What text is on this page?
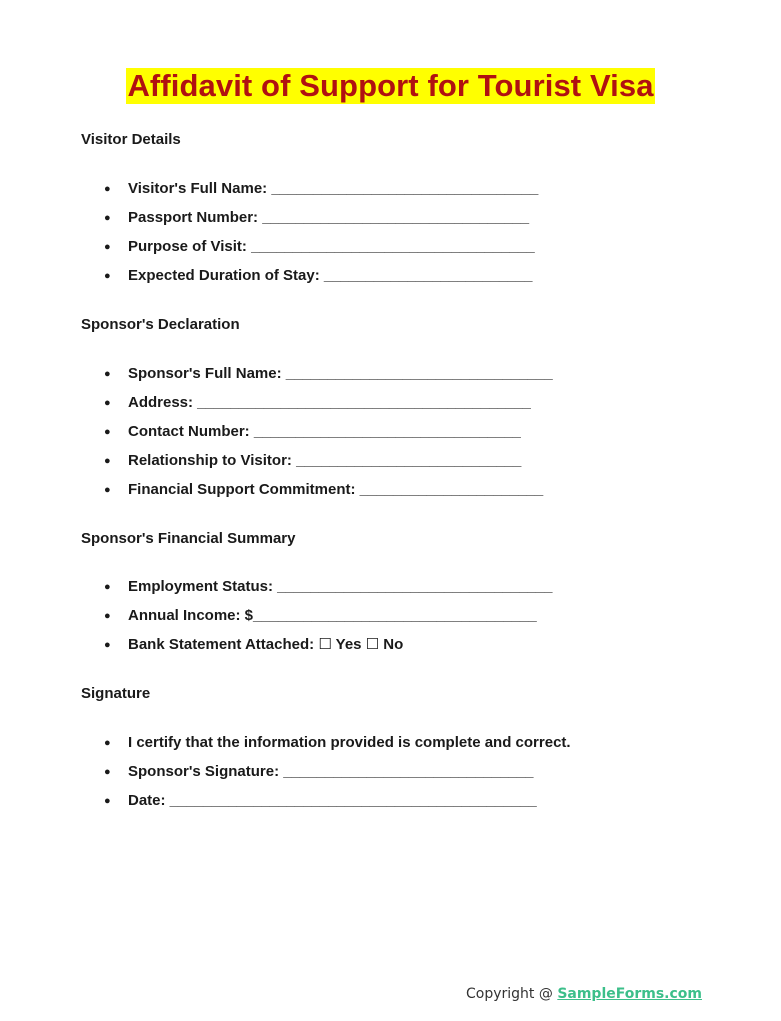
Affidavit of Support for Tourist Visa
Visitor Details
● Visitor's Full Name: ________________________________
● Passport Number: ________________________________
● Purpose of Visit: __________________________________
● Expected Duration of Stay: _________________________
Sponsor's Declaration
● Sponsor's Full Name: ________________________________
● Address: ________________________________________
● Contact Number: ________________________________
● Relationship to Visitor: ___________________________
● Financial Support Commitment: ______________________
Sponsor's Financial Summary
● Employment Status: _________________________________
● Annual Income: $__________________________________
● Bank Statement Attached: ☐ Yes ☐ No
Signature
● I certify that the information provided is complete and correct.
● Sponsor's Signature: ______________________________
● Date: ____________________________________________
Copyright @ SampleForms.com
